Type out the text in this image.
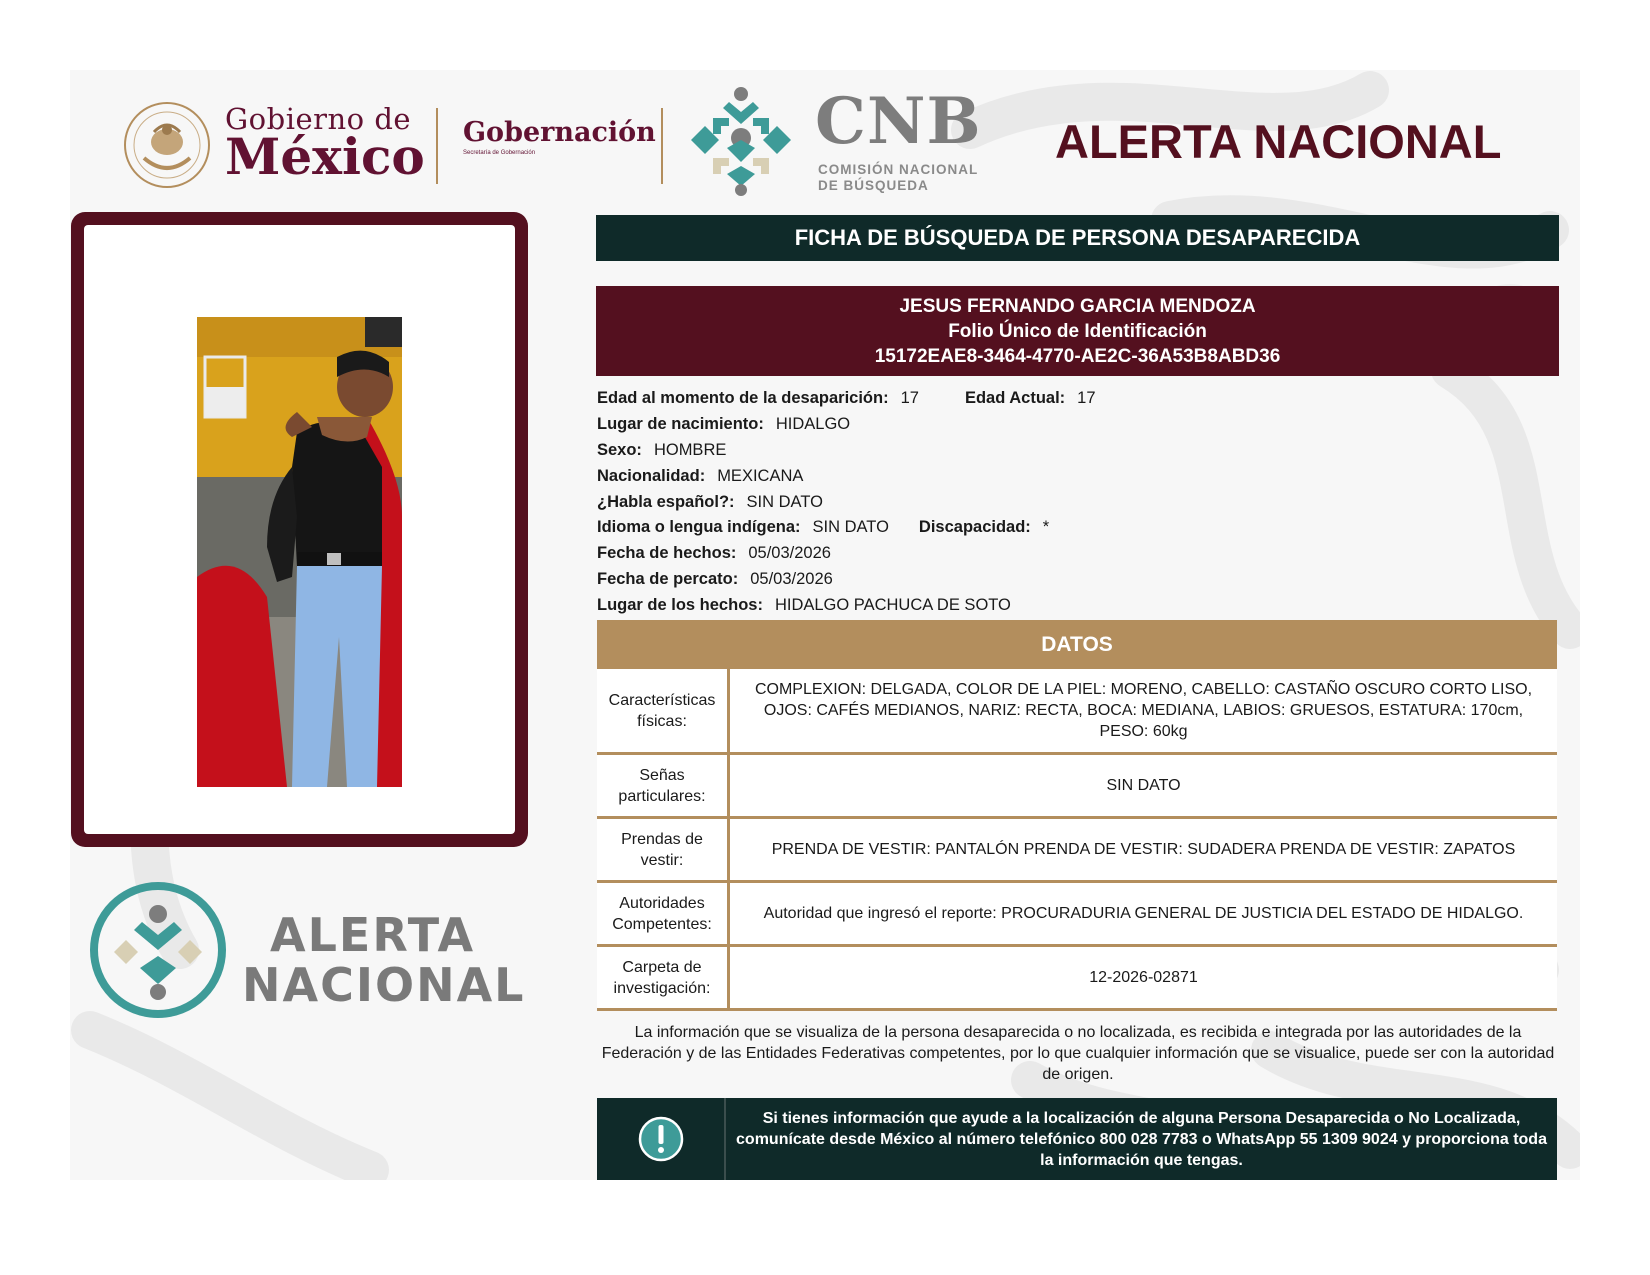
Gobierno de
México Gobernación
Secretaría de Gobernación	CNB
COMISIÓN NACIONAL
DE BÚSQUEDA
ALERTA NACIONAL
ALERTA
NACIONAL
FICHA DE BÚSQUEDA DE PERSONA DESAPARECIDA
JESUS FERNANDO GARCIA MENDOZA
Folio Único de Identificación
15172EAE8-3464-4770-AE2C-36A53B8ABD36
Edad al momento de la desaparición: 17	Edad Actual: 17
Lugar de nacimiento: HIDALGO
Sexo: HOMBRE
Nacionalidad: MEXICANA
¿Habla español?: SIN DATO
Idioma o lengua indígena: SIN DATO Discapacidad: *
Fecha de hechos: 05/03/2026
Fecha de percato: 05/03/2026
Lugar de los hechos: HIDALGO PACHUCA DE SOTO
DATOS
Características físicas:
COMPLEXION: DELGADA, COLOR DE LA PIEL: MORENO, CABELLO: CASTAÑO OSCURO CORTO LISO, OJOS: CAFÉS MEDIANOS, NARIZ: RECTA, BOCA: MEDIANA, LABIOS: GRUESOS, ESTATURA: 170cm, PESO: 60kg
Señas particulares:
SIN DATO
Prendas de vestir:
PRENDA DE VESTIR: PANTALÓN PRENDA DE VESTIR: SUDADERA PRENDA DE VESTIR: ZAPATOS
Autoridades Competentes:
Autoridad que ingresó el reporte: PROCURADURIA GENERAL DE JUSTICIA DEL ESTADO DE HIDALGO.
Carpeta de investigación:
12-2026-02871
La información que se visualiza de la persona desaparecida o no localizada, es recibida e integrada por las autoridades de la Federación y de las Entidades Federativas competentes, por lo que cualquier información que se visualice, puede ser con la autoridad de origen.
Si tienes información que ayude a la localización de alguna Persona Desaparecida o No Localizada, comunícate desde México al número telefónico 800 028 7783 o WhatsApp 55 1309 9024 y proporciona toda la información que tengas.
